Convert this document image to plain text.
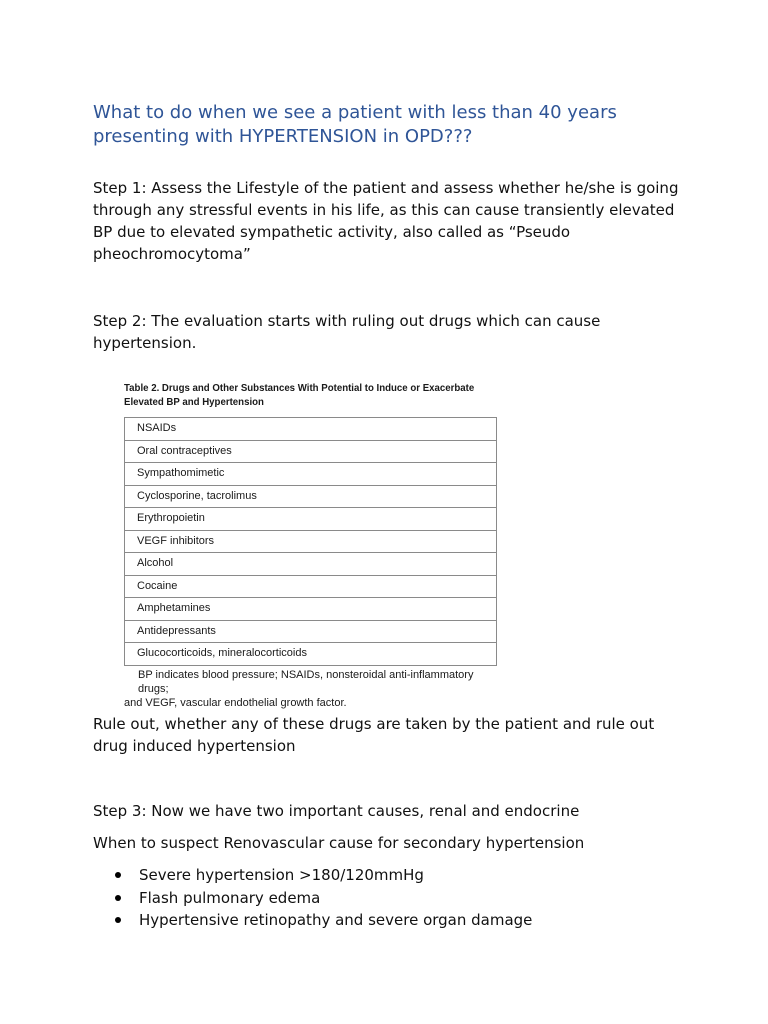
What to do when we see a patient with less than 40 years presenting with HYPERTENSION in OPD???
Step 1: Assess the Lifestyle of the patient and assess whether he/she is going through any stressful events in his life, as this can cause transiently elevated BP due to elevated sympathetic activity, also called as “Pseudo pheochromocytoma”
Step 2: The evaluation starts with ruling out drugs which can cause hypertension.
Table 2. Drugs and Other Substances With Potential to Induce or Exacerbate Elevated BP and Hypertension
NSAIDs
Oral contraceptives
Sympathomimetic
Cyclosporine, tacrolimus
Erythropoietin
VEGF inhibitors
Alcohol
Cocaine
Amphetamines
Antidepressants
Glucocorticoids, mineralocorticoids
BP indicates blood pressure; NSAIDs, nonsteroidal anti-inflammatory drugs;
and VEGF, vascular endothelial growth factor.
Rule out, whether any of these drugs are taken by the patient and rule out drug induced hypertension
Step 3: Now we have two important causes, renal and endocrine
When to suspect Renovascular cause for secondary hypertension
Severe hypertension >180/120mmHg
Flash pulmonary edema
Hypertensive retinopathy and severe organ damage
